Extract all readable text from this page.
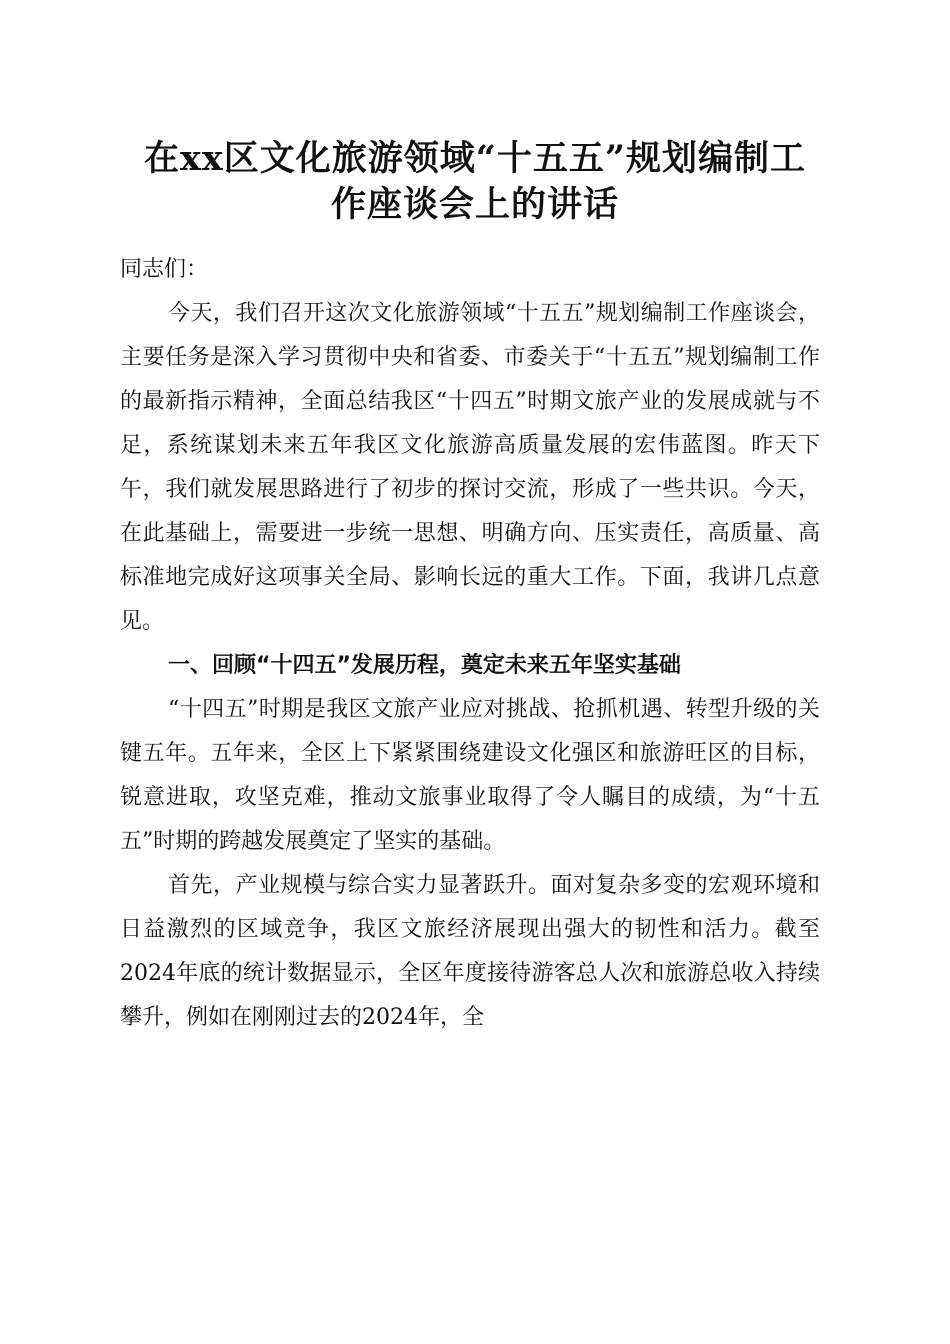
在xx区文化旅游领域“十五五”规划编制工
作座谈会上的讲话

同志们：

今天，我们召开这次文化旅游领域“十五五”规划编制工作座谈会，主要任务是深入学习贯彻中央和省委、市委关于“十五五”规划编制工作的最新指示精神，全面总结我区“十四五”时期文旅产业的发展成就与不足，系统谋划未来五年我区文化旅游高质量发展的宏伟蓝图。昨天下午，我们就发展思路进行了初步的探讨交流，形成了一些共识。今天，在此基础上，需要进一步统一思想、明确方向、压实责任，高质量、高标准地完成好这项事关全局、影响长远的重大工作。下面，我讲几点意见。

一、回顾“十四五”发展历程，奠定未来五年坚实基础

“十四五”时期是我区文旅产业应对挑战、抢抓机遇、转型升级的关键五年。五年来，全区上下紧紧围绕建设文化强区和旅游旺区的目标，锐意进取，攻坚克难，推动文旅事业取得了令人瞩目的成绩，为“十五五”时期的跨越发展奠定了坚实的基础。

首先，产业规模与综合实力显著跃升。面对复杂多变的宏观环境和日益激烈的区域竞争，我区文旅经济展现出强大的韧性和活力。截至2024年底的统计数据显示，全区年度接待游客总人次和旅游总收入持续攀升，例如在刚刚过去的2024年，全
